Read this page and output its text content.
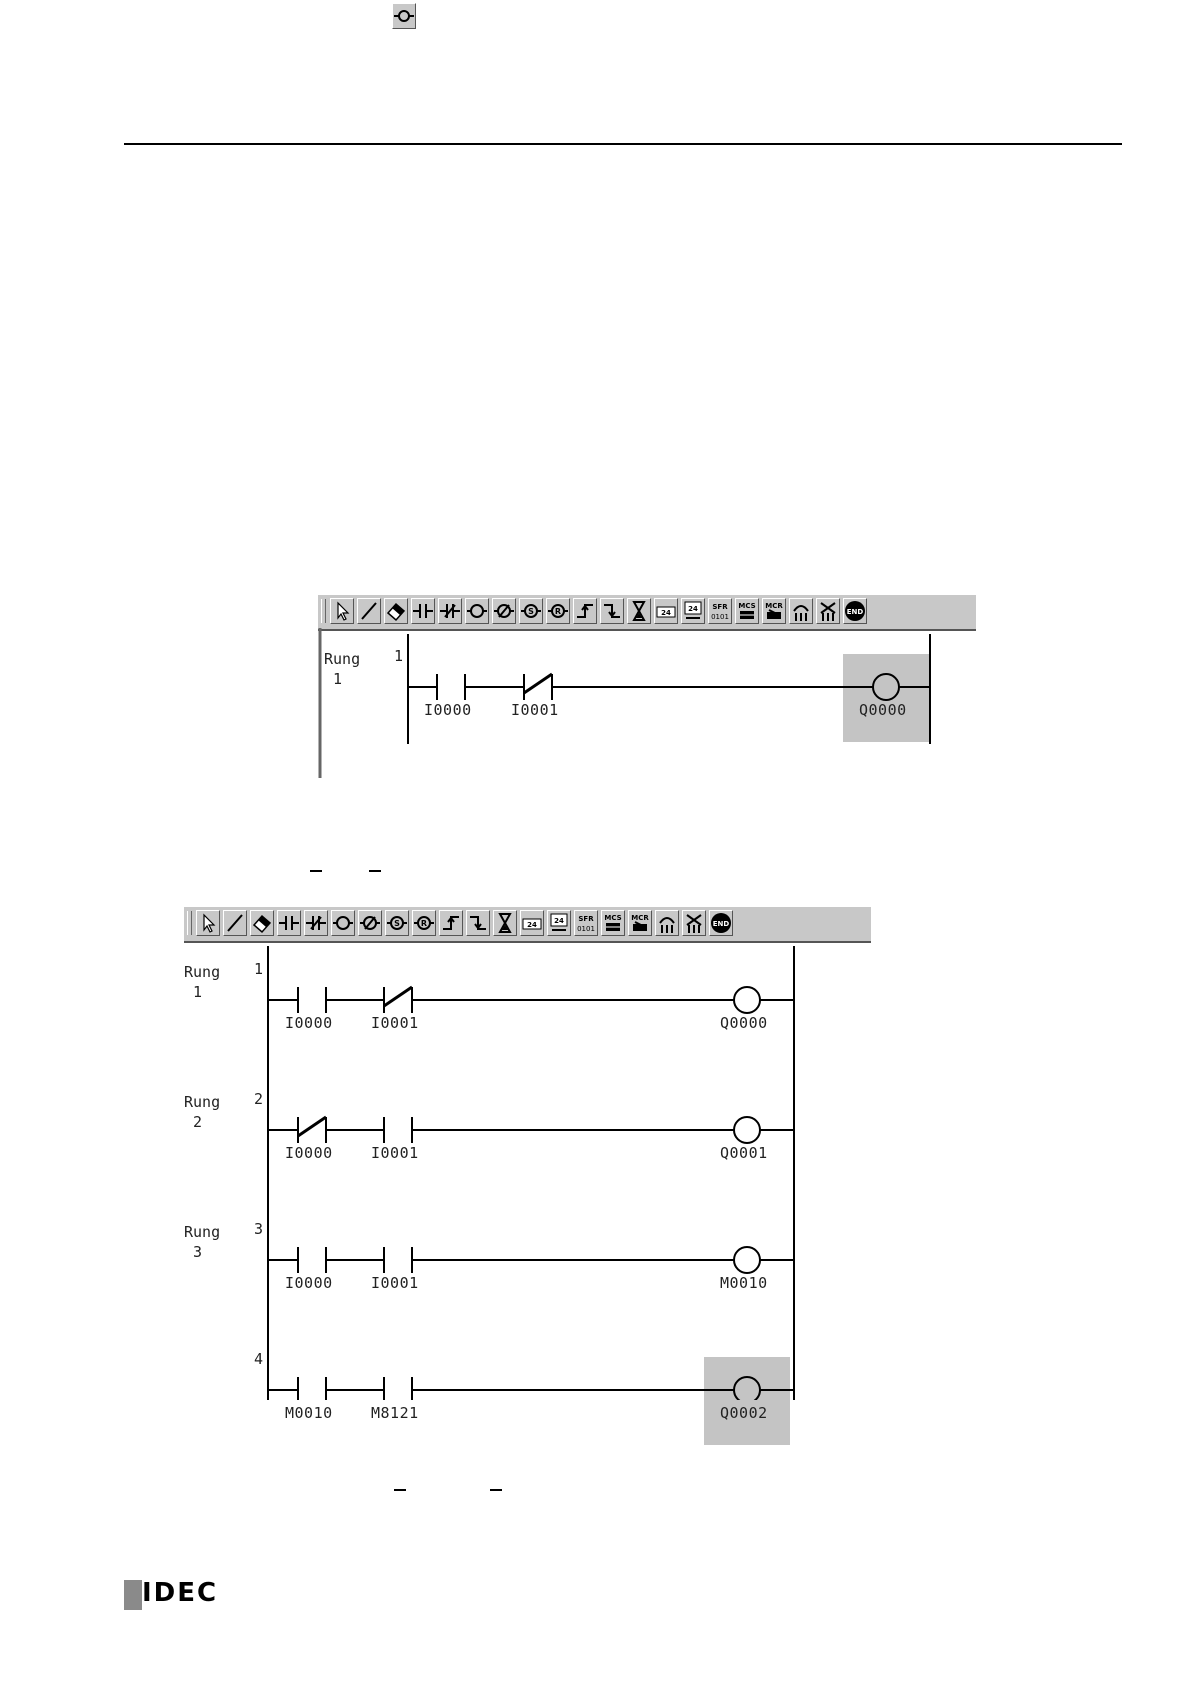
S	R	24 24 SFR
0101
MCS MCR
END
Rung
1
1
I0000	I0001	Q0000
S	R	24 24 SFR
0101
MCS MCR
END
Rung
1
1
I0000	I0001	Q0000
Rung
2
2
I0000	I0001	Q0001
Rung
3
3
I0000	I0001	M0010
4
M0010	M8121	Q0002
IDEC
